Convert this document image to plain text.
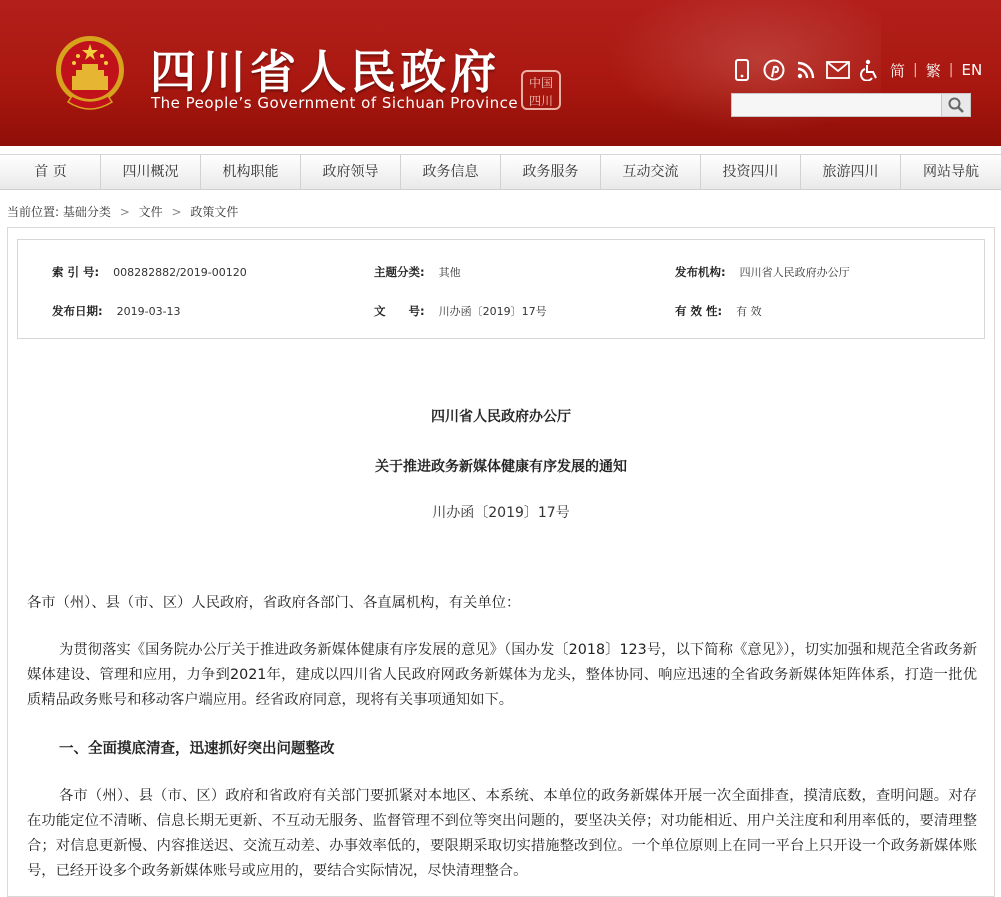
四川省人民政府
The People’s Government of Sichuan Province
中国
四川
简 | 繁 | EN
首 页	四川概况	机构职能	政府领导	政务信息	政务服务	互动交流	投资四川	旅游四川	网站导航
当前位置: 基础分类 > 文件 > 政策文件
索 引 号: 008282882/2019-00120	主题分类: 其他	发布机构: 四川省人民政府办公厅
发布日期: 2019-03-13	文　　号: 川办函〔2019〕17号	有 效 性: 有 效
四川省人民政府办公厅
关于推进政务新媒体健康有序发展的通知
川办函〔2019〕17号
各市（州）、县（市、区）人民政府，省政府各部门、各直属机构，有关单位：
为贯彻落实《国务院办公厅关于推进政务新媒体健康有序发展的意见》（国办发〔2018〕123号，以下简称《意见》），切实加强和规范全省政务新媒体建设、管理和应用，力争到2021年，建成以四川省人民政府网政务新媒体为龙头，整体协同、响应迅速的全省政务新媒体矩阵体系，打造一批优质精品政务账号和移动客户端应用。经省政府同意，现将有关事项通知如下。
一、全面摸底清查，迅速抓好突出问题整改
各市（州）、县（市、区）政府和省政府有关部门要抓紧对本地区、本系统、本单位的政务新媒体开展一次全面排查，摸清底数，查明问题。对存在功能定位不清晰、信息长期无更新、不互动无服务、监督管理不到位等突出问题的，要坚决关停；对功能相近、用户关注度和利用率低的，要清理整合；对信息更新慢、内容推送迟、交流互动差、办事效率低的，要限期采取切实措施整改到位。一个单位原则上在同一平台上只开设一个政务新媒体账号，已经开设多个政务新媒体账号或应用的，要结合实际情况，尽快清理整合。
